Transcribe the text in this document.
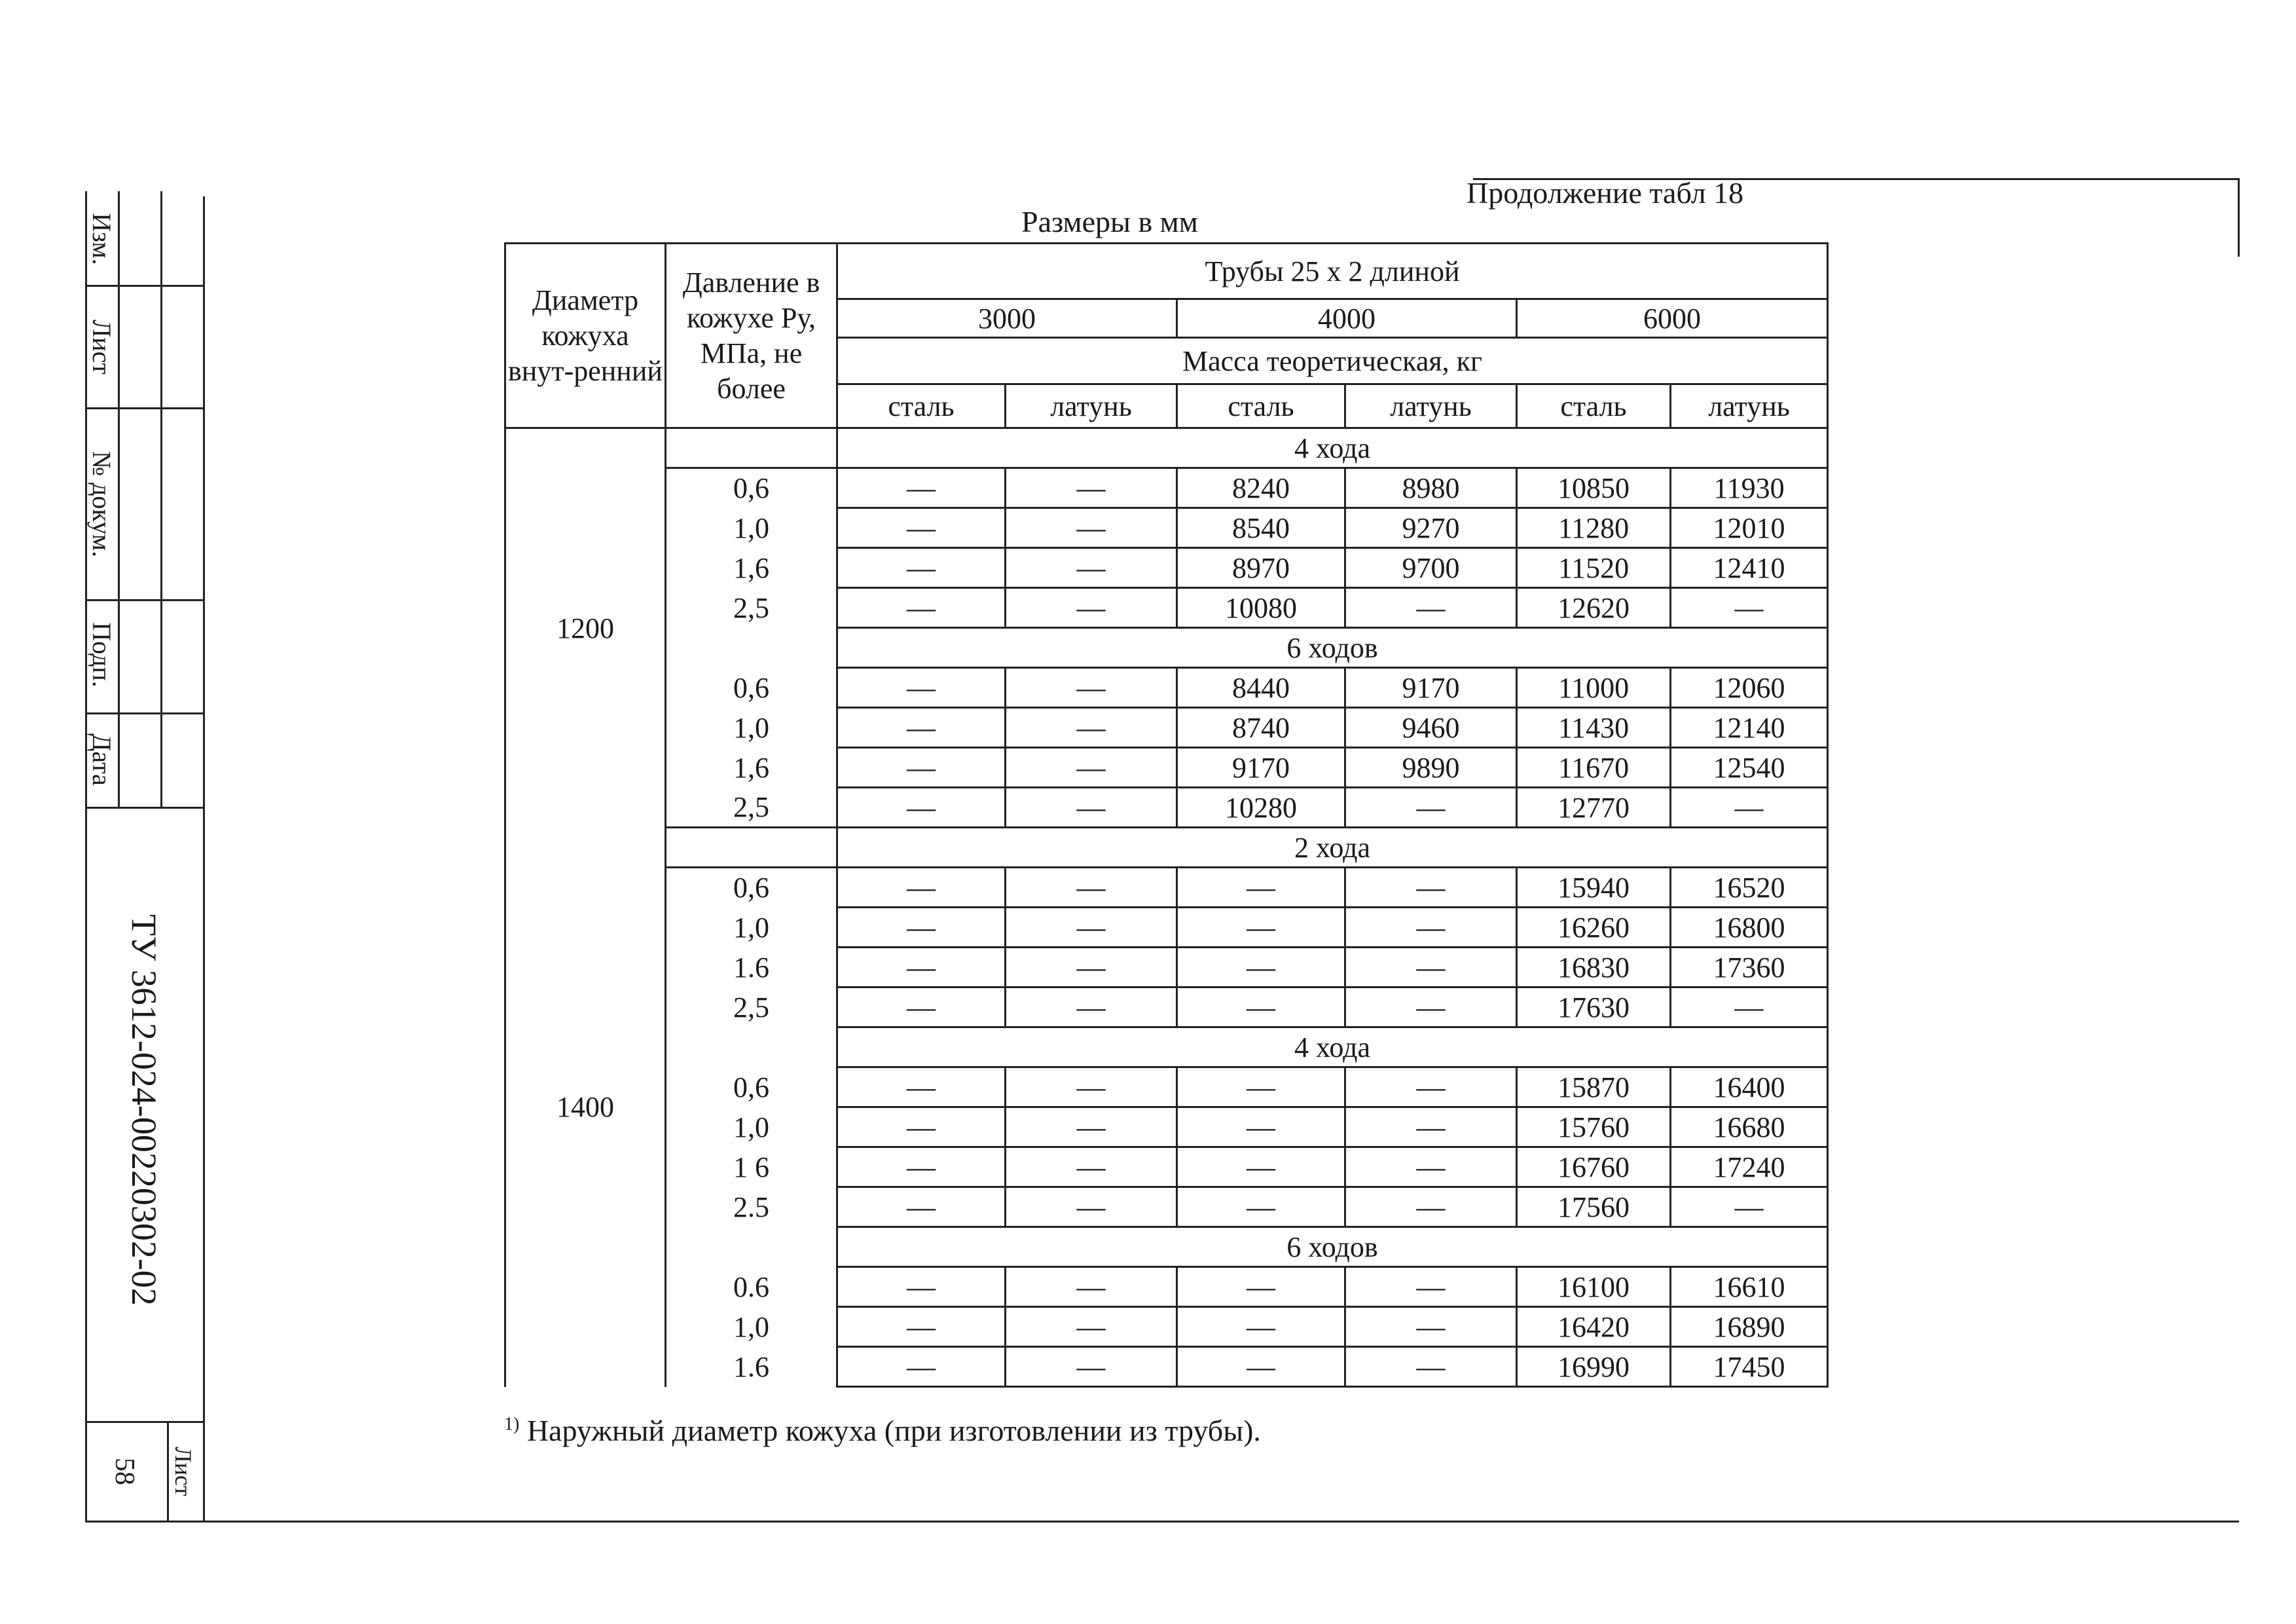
Изм.
Лист
№ докум.
Подп.
Дата
ТУ 3612-024-00220302-02
Лист
58
Продолжение табл 18
Размеры в мм
Диаметр кожуха внут-ренний	Давление в кожухе Ру, МПа, не более	Трубы 25 х 2 длиной					
		3000		4000		6000	
		Масса теоретическая, кг					
		сталь	латунь	сталь	латунь	сталь	латунь
1200		4 хода					
	0,6	—	—	8240	8980	10850	11930
	1,0	—	—	8540	9270	11280	12010
	1,6	—	—	8970	9700	11520	12410
	2,5	—	—	10080	—	12620	—
		6 ходов					
	0,6	—	—	8440	9170	11000	12060
	1,0	—	—	8740	9460	11430	12140
	1,6	—	—	9170	9890	11670	12540
	2,5	—	—	10280	—	12770	—
1400		2 хода					
	0,6	—	—	—	—	15940	16520
	1,0	—	—	—	—	16260	16800
	1.6	—	—	—	—	16830	17360
	2,5	—	—	—	—	17630	—
		4 хода					
	0,6	—	—	—	—	15870	16400
	1,0	—	—	—	—	15760	16680
	1 6	—	—	—	—	16760	17240
	2.5	—	—	—	—	17560	—
		6 ходов					
	0.6	—	—	—	—	16100	16610
	1,0	—	—	—	—	16420	16890
	1.6	—	—	—	—	16990	17450
$^{1)}$ Наружный диаметр кожуха (при изготовлении из трубы).
